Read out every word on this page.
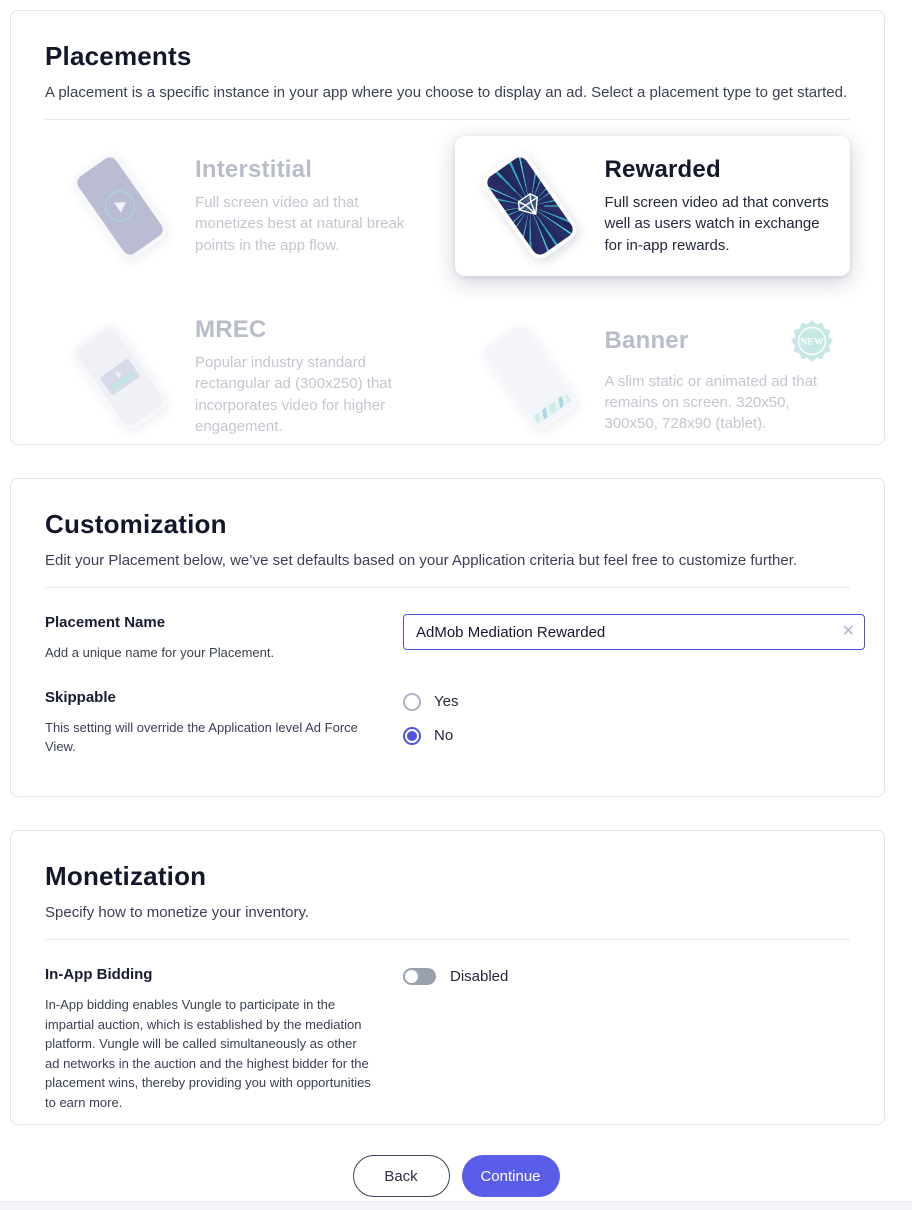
Placements

A placement is a specific instance in your app where you choose to display an ad. Select a placement type to get started.

Interstitial
Full screen video ad that monetizes best at natural break points in the app flow.
Rewarded
Full screen video ad that converts well as users watch in exchange for in-app rewards.
MREC
Popular industry standard rectangular ad (300x250) that incorporates video for higher engagement.
Banner	NEW
A slim static or animated ad that remains on screen. 320x50, 300x50, 728x90 (tablet).
Customization

Edit your Placement below, we’ve set defaults based on your Application criteria but feel free to customize further.

Placement Name
Add a unique name for your Placement.
AdMob Mediation Rewarded
✕
Skippable
This setting will override the Application level Ad Force View.
Yes
No
Monetization

Specify how to monetize your inventory.

In-App Bidding
In-App bidding enables Vungle to participate in the impartial auction, which is established by the mediation platform. Vungle will be called simultaneously as other ad networks in the auction and the highest bidder for the placement wins, thereby providing you with opportunities to earn more.
Disabled
Back	Continue
